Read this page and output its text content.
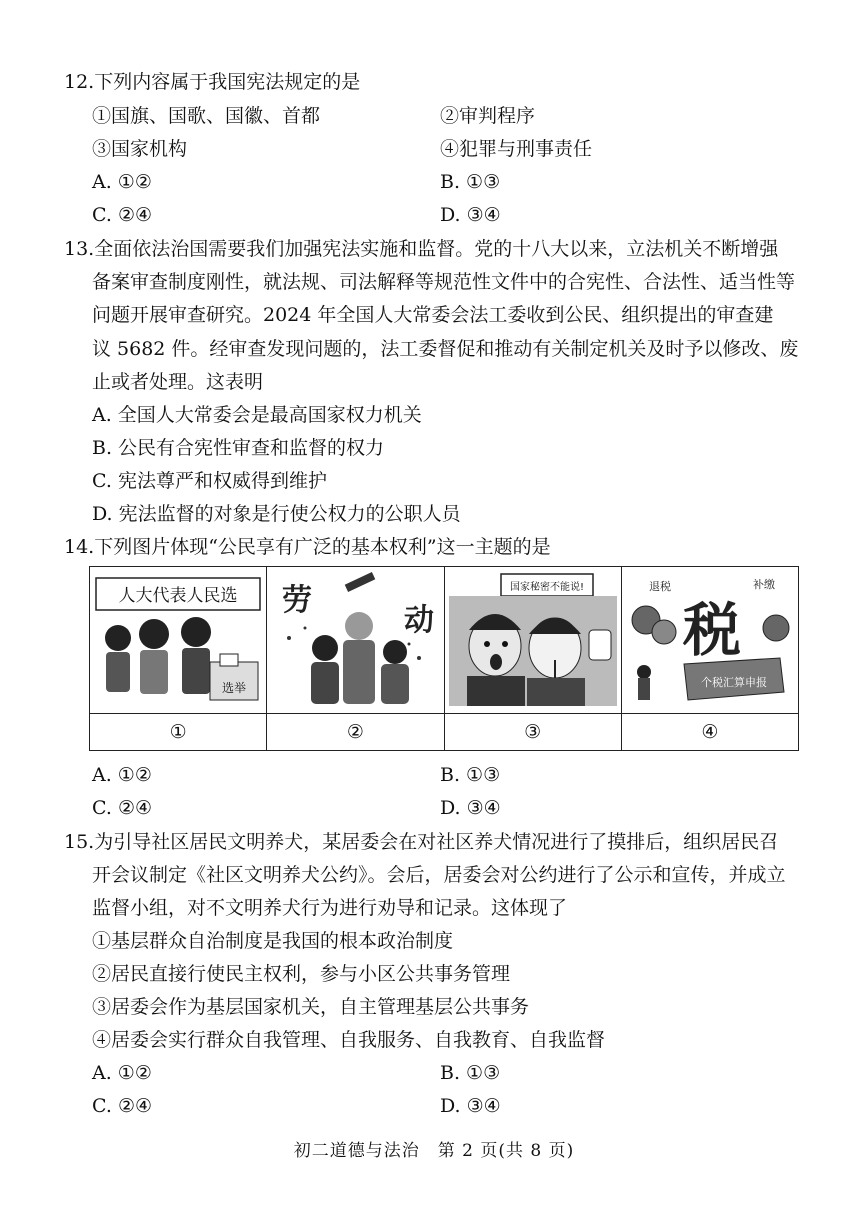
12.下列内容属于我国宪法规定的是
①国旗、国歌、国徽、首都	②审判程序
③国家机构	④犯罪与刑事责任
A. ①②	B. ①③
C. ②④	D. ③④
13.全面依法治国需要我们加强宪法实施和监督。党的十八大以来，立法机关不断增强
备案审查制度刚性，就法规、司法解释等规范性文件中的合宪性、合法性、适当性等
问题开展审查研究。2024 年全国人大常委会法工委收到公民、组织提出的审查建
议 5682 件。经审查发现问题的，法工委督促和推动有关制定机关及时予以修改、废
止或者处理。这表明
A. 全国人大常委会是最高国家权力机关
B. 公民有合宪性审查和监督的权力
C. 宪法尊严和权威得到维护
D. 宪法监督的对象是行使公权力的公职人员
14.下列图片体现“公民享有广泛的基本权利”这一主题的是
人大代表人民选
选举	劳
动	国家秘密不能说!	退税 补缴
税
个税汇算申报

①	②	③	④
A. ①②	B. ①③
C. ②④	D. ③④
15.为引导社区居民文明养犬，某居委会在对社区养犬情况进行了摸排后，组织居民召
开会议制定《社区文明养犬公约》。会后，居委会对公约进行了公示和宣传，并成立
监督小组，对不文明养犬行为进行劝导和记录。这体现了
①基层群众自治制度是我国的根本政治制度
②居民直接行使民主权利，参与小区公共事务管理
③居委会作为基层国家机关，自主管理基层公共事务
④居委会实行群众自我管理、自我服务、自我教育、自我监督
A. ①②	B. ①③
C. ②④	D. ③④
初二道德与法治　第 2 页(共 8 页)
